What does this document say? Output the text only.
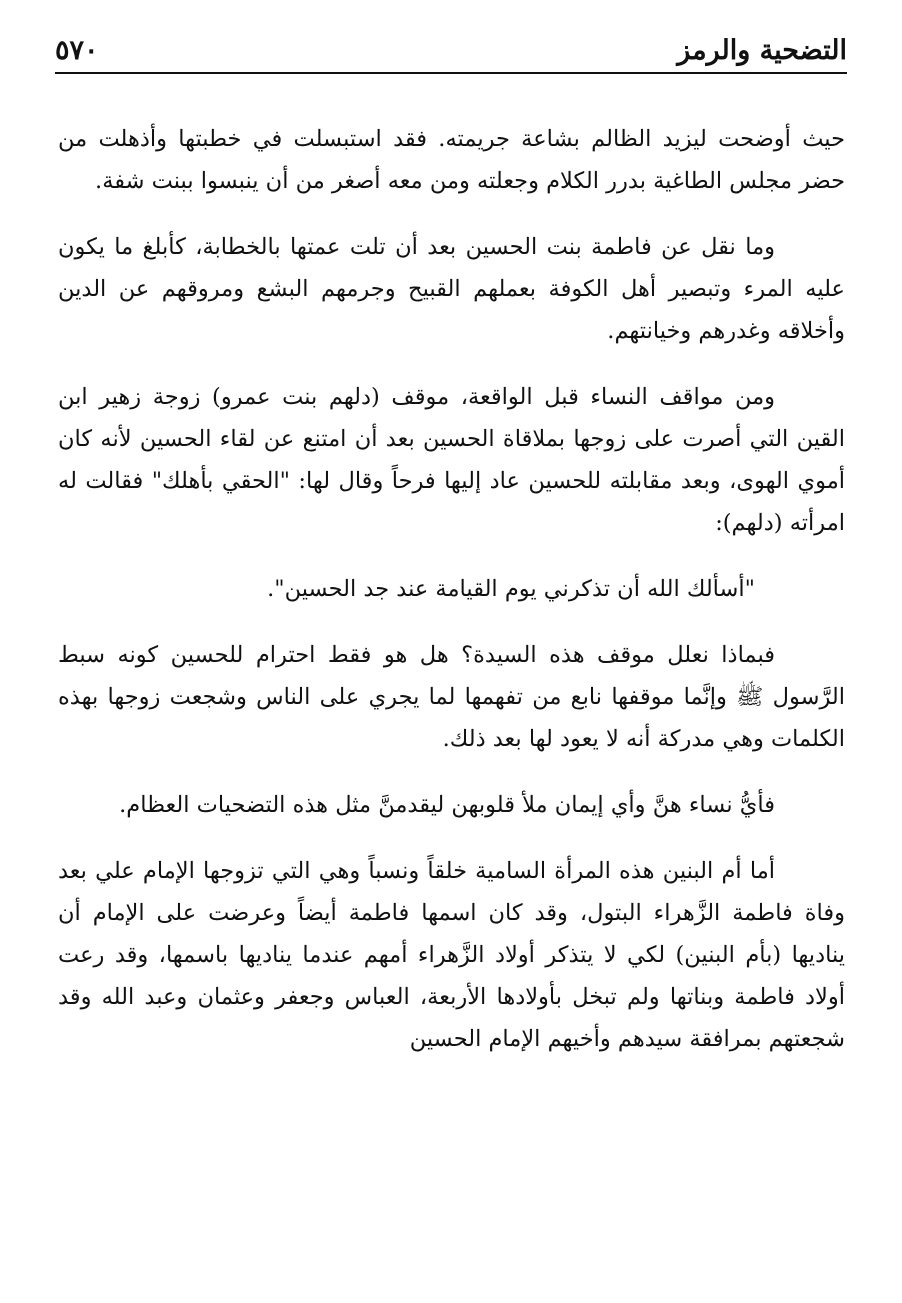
التضحية والرمز
٥٧٠

حيث أوضحت ليزيد الظالم بشاعة جريمته. فقد استبسلت في خطبتها وأذهلت من حضر مجلس الطاغية بدرر الكلام وجعلته ومن معه أصغر من أن ينبسوا ببنت شفة.

وما نقل عن فاطمة بنت الحسين بعد أن تلت عمتها بالخطابة، كأبلغ ما يكون عليه المرء وتبصير أهل الكوفة بعملهم القبيح وجرمهم البشع ومروقهم عن الدين وأخلاقه وغدرهم وخيانتهم.

ومن مواقف النساء قبل الواقعة، موقف (دلهم بنت عمرو) زوجة زهير ابن القين التي أصرت على زوجها بملاقاة الحسين بعد أن امتنع عن لقاء الحسين لأنه كان أموي الهوى، وبعد مقابلته للحسين عاد إليها فرحاً وقال لها: "الحقي بأهلك" فقالت له امرأته (دلهم):

"أسألك الله أن تذكرني يوم القيامة عند جد الحسين".

فبماذا نعلل موقف هذه السيدة؟ هل هو فقط احترام للحسين كونه سبط الرَّسول ﷺ وإنَّما موقفها نابع من تفهمها لما يجري على الناس وشجعت زوجها بهذه الكلمات وهي مدركة أنه لا يعود لها بعد ذلك.

فأيُّ نساء هنَّ وأي إيمان ملأ قلوبهن ليقدمنَّ مثل هذه التضحيات العظام.

أما أم البنين هذه المرأة السامية خلقاً ونسباً وهي التي تزوجها الإمام علي بعد وفاة فاطمة الزَّهراء البتول، وقد كان اسمها فاطمة أيضاً وعرضت على الإمام أن يناديها (بأم البنين) لكي لا يتذكر أولاد الزَّهراء أمهم عندما يناديها باسمها، وقد رعت أولاد فاطمة وبناتها ولم تبخل بأولادها الأربعة، العباس وجعفر وعثمان وعبد الله وقد شجعتهم بمرافقة سيدهم وأخيهم الإمام الحسين
